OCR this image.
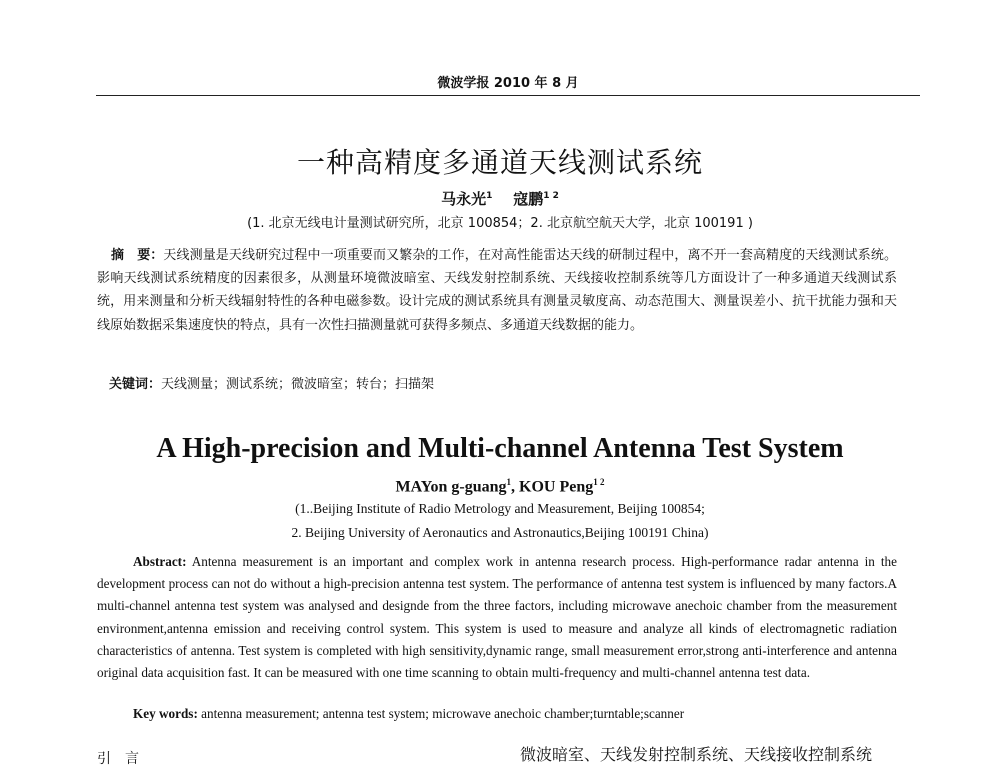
微波学报 2010 年 8 月
一种高精度多通道天线测试系统
马永光$^1$ 寇鹏$^{1 2}$
(1. 北京无线电计量测试研究所，北京 100854；2. 北京航空航天大学，北京 100191 )

摘　要：天线测量是天线研究过程中一项重要而又繁杂的工作，在对高性能雷达天线的研制过程中，离不开一套高精度的天线测试系统。影响天线测试系统精度的因素很多，从测量环境微波暗室、天线发射控制系统、天线接收控制系统等几方面设计了一种多通道天线测试系统，用来测量和分析天线辐射特性的各种电磁参数。设计完成的测试系统具有测量灵敏度高、动态范围大、测量误差小、抗干扰能力强和天线原始数据采集速度快的特点，具有一次性扫描测量就可获得多频点、多通道天线数据的能力。

关键词：天线测量；测试系统；微波暗室；转台；扫描架
A High-precision and Multi-channel Antenna Test System
MAYon g-guang$^1$, KOU Peng$^{1 2}$
(1..Beijing Institute of Radio Metrology and Measurement, Beijing 100854;
2. Beijing University of Aeronautics and Astronautics,Beijing 100191 China)

Abstract: Antenna measurement is an important and complex work in antenna research process. High-performance radar antenna in the development process can not do without a high-precision antenna test system. The performance of antenna test system is influenced by many factors.A multi-channel antenna test system was analysed and designde from the three factors, including microwave anechoic chamber from the measurement environment,antenna emission and receiving control system. This system is used to measure and analyze all kinds of electromagnetic radiation characteristics of antenna. Test system is completed with high sensitivity,dynamic range, small measurement error,strong anti-interference and antenna original data acquisition fast. It can be measured with one time scanning to obtain multi-frequency and multi-channel antenna test data.

Key words: antenna measurement; antenna test system; microwave anechoic chamber;turntable;scanner
引　言	微波暗室、天线发射控制系统、天线接收控制系统
